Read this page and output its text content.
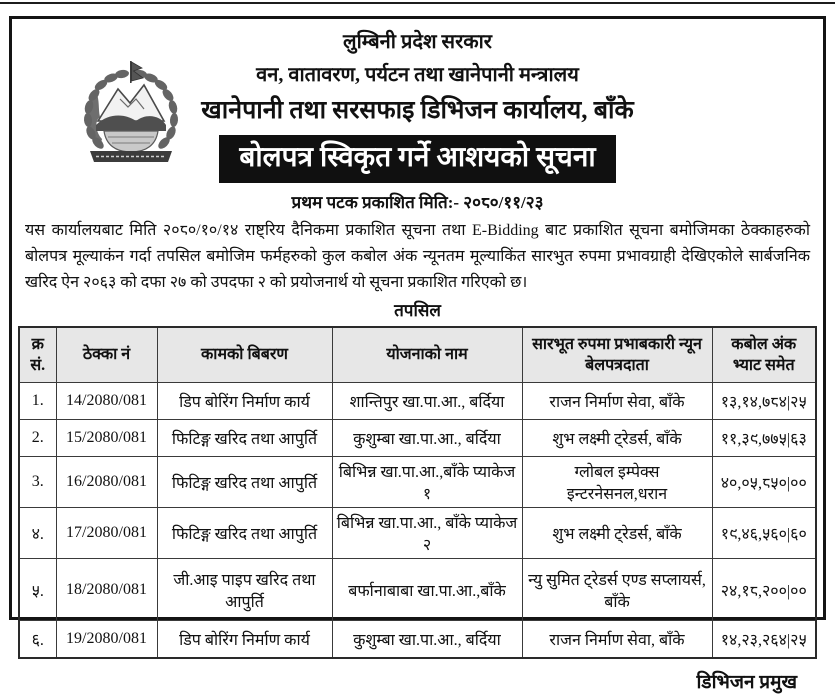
लुम्बिनी प्रदेश सरकार
वन, वातावरण, पर्यटन तथा खानेपानी मन्त्रालय
खानेपानी तथा सरसफाइ डिभिजन कार्यालय, बाँके
बोलपत्र स्विकृत गर्ने आशयको सूचना
प्रथम पटक प्रकाशित मिति:- २०८०/११/२३

यस कार्यालयबाट मिति २०८०/१०/१४ राष्ट्रिय दैनिकमा प्रकाशित सूचना तथा E-Bidding बाट प्रकाशित सूचना बमोजिमका ठेक्काहरुको बोलपत्र मूल्याकंन गर्दा तपसिल बमोजिम फर्महरुको कुल कबोल अंक न्यूनतम मूल्याकिंत सारभुत रुपमा प्रभावग्राही देखिएकोले सार्बजनिक खरिद ऐन २०६३ को दफा २७ को उपदफा २ को प्रयोजनार्थ यो सूचना प्रकाशित गरिएको छ।

तपसिल
क्र सं.	ठेक्का नं	कामको बिबरण	योजनाको नाम	सारभूत रुपमा प्रभाबकारी न्यून बेलपत्रदाता	कबोल अंक भ्याट समेत
1.	14/2080/081	डिप बोरिंग निर्माण कार्य	शान्तिपुर खा.पा.आ., बर्दिया	राजन निर्माण सेवा, बाँके	१३,१४,७८४|२५
2.	15/2080/081	फिटिङ्ग खरिद तथा आपुर्ति	कुशुम्बा खा.पा.आ., बर्दिया	शुभ लक्ष्मी ट्रेडर्स, बाँके	११,३९,७७५|६३
3.	16/2080/081	फिटिङ्ग खरिद तथा आपुर्ति	बिभिन्न खा.पा.आ.,बाँके प्याकेज १	ग्लोबल इम्पेक्स इन्टरनेसनल,धरान	४०,०५,८५०|००
४.	17/2080/081	फिटिङ्ग खरिद तथा आपुर्ति	बिभिन्न खा.पा.आ., बाँके प्याकेज २	शुभ लक्ष्मी ट्रेडर्स, बाँके	१९,४६,५६०|६०
५.	18/2080/081	जी.आइ पाइप खरिद तथा आपुर्ति	बर्फानाबाबा खा.पा.आ.,बाँके	न्यु सुमित ट्रेडर्स एण्ड सप्लायर्स, बाँके	२४,१८,२००|००
६.	19/2080/081	डिप बोरिंग निर्माण कार्य	कुशुम्बा खा.पा.आ., बर्दिया	राजन निर्माण सेवा, बाँके	१४,२३,२६४|२५
डिभिजन प्रमुख
